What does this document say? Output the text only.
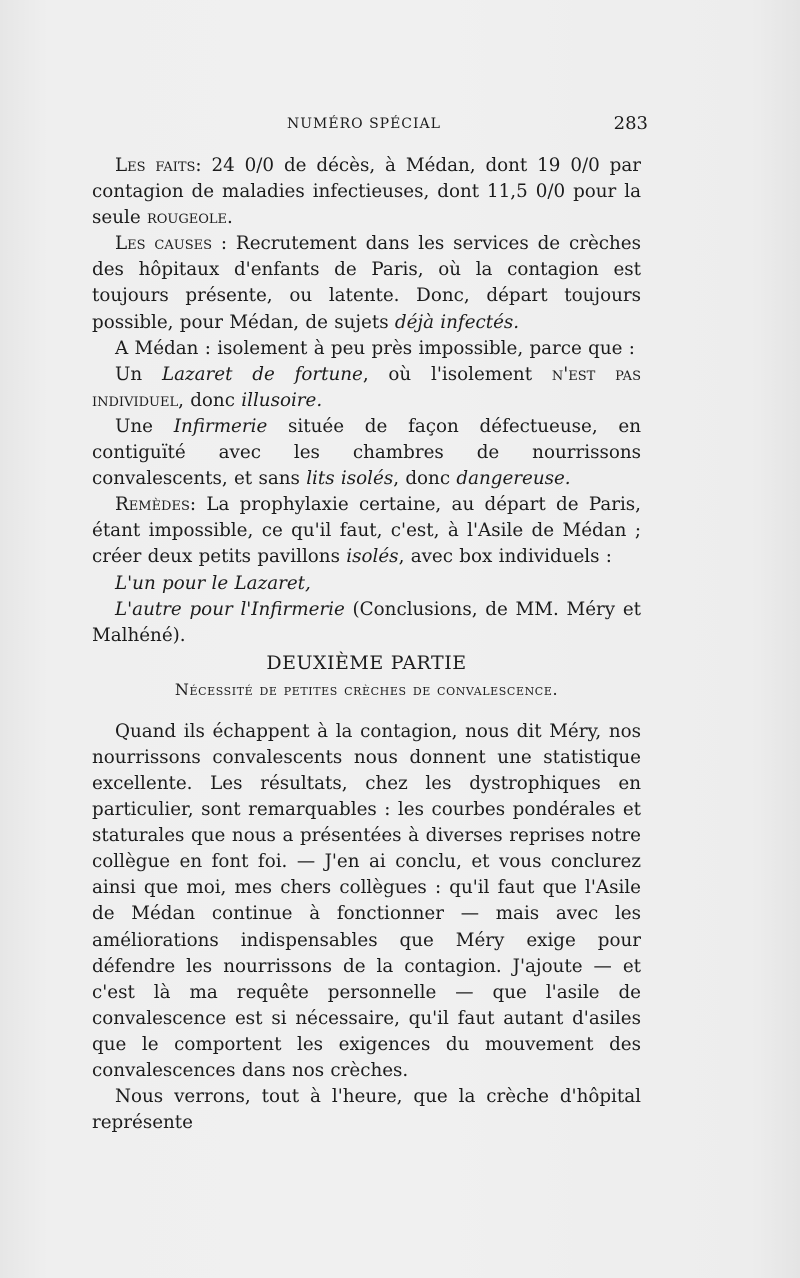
NUMÉRO SPÉCIAL	283

Les faits: 24 0/0 de décès, à Médan, dont 19 0/0 par contagion de maladies infectieuses, dont 11,5 0/0 pour la seule rougeole.

Les causes : Recrutement dans les services de crèches des hôpitaux d'enfants de Paris, où la contagion est toujours présente, ou latente. Donc, départ toujours possible, pour Médan, de sujets déjà infectés.

A Médan : isolement à peu près impossible, parce que :

Un Lazaret de fortune, où l'isolement n'est pas individuel, donc illusoire.

Une Infirmerie située de façon défectueuse, en contiguïté avec les chambres de nourrissons convalescents, et sans lits isolés, donc dangereuse.

Remèdes: La prophylaxie certaine, au départ de Paris, étant impossible, ce qu'il faut, c'est, à l'Asile de Médan ; créer deux petits pavillons isolés, avec box individuels :

L'un pour le Lazaret,

L'autre pour l'Infirmerie (Conclusions, de MM. Méry et Malhéné).

DEUXIÈME PARTIE

Nécessité de petites crèches de convalescence.

Quand ils échappent à la contagion, nous dit Méry, nos nourrissons convalescents nous donnent une statistique excellente. Les résultats, chez les dystrophiques en particulier, sont remarquables : les courbes pondérales et staturales que nous a présentées à diverses reprises notre collègue en font foi. — J'en ai conclu, et vous conclurez ainsi que moi, mes chers collègues : qu'il faut que l'Asile de Médan continue à fonctionner — mais avec les améliorations indispensables que Méry exige pour défendre les nourrissons de la contagion. J'ajoute — et c'est là ma requête personnelle — que l'asile de convalescence est si nécessaire, qu'il faut autant d'asiles que le comportent les exigences du mouvement des convalescences dans nos crèches.

Nous verrons, tout à l'heure, que la crèche d'hôpital représente
